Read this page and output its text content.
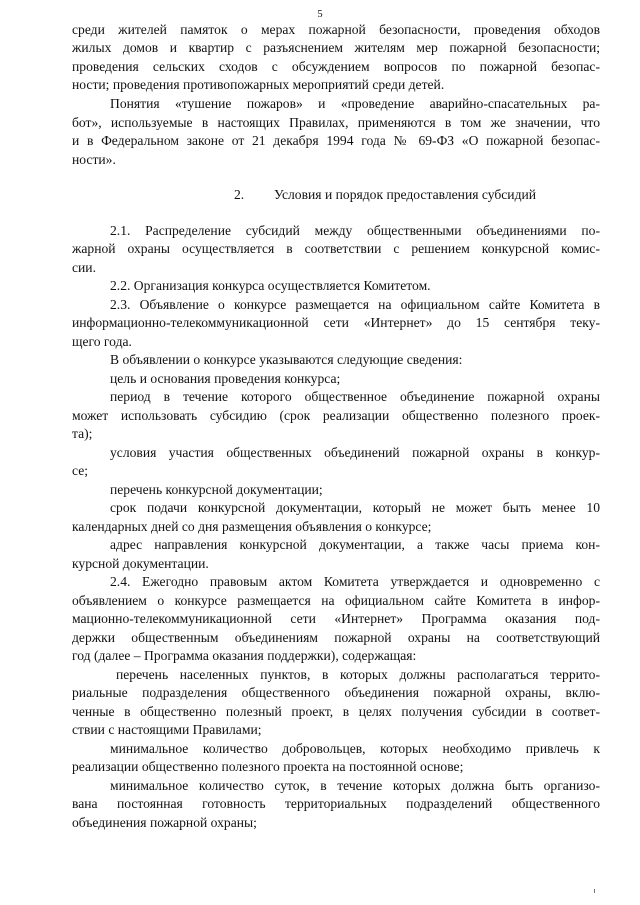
5
среди жителей памяток о мерах пожарной безопасности, проведения обходов
жилых домов и квартир с разъяснением жителям мер пожарной безопасности;
проведения сельских сходов с обсуждением вопросов по пожарной безопас-
ности; проведения противопожарных мероприятий среди детей.
Понятия «тушение пожаров» и «проведение аварийно-спасательных ра-
бот», используемые в настоящих Правилах, применяются в том же значении, что
и в Федеральном законе от 21 декабря 1994 года № 69-ФЗ «О пожарной безопас-
ности».
2. Условия и порядок предоставления субсидий
2.1. Распределение субсидий между общественными объединениями по-
жарной охраны осуществляется в соответствии с решением конкурсной комис-
сии.
2.2. Организация конкурса осуществляется Комитетом.
2.3. Объявление о конкурсе размещается на официальном сайте Комитета в
информационно-телекоммуникационной сети «Интернет» до 15 сентября теку-
щего года.
В объявлении о конкурсе указываются следующие сведения:
цель и основания проведения конкурса;
период в течение которого общественное объединение пожарной охраны
может использовать субсидию (срок реализации общественно полезного проек-
та);
условия участия общественных объединений пожарной охраны в конкур-
се;
перечень конкурсной документации;
срок подачи конкурсной документации, который не может быть менее 10
календарных дней со дня размещения объявления о конкурсе;
адрес направления конкурсной документации, а также часы приема кон-
курсной документации.
2.4. Ежегодно правовым актом Комитета утверждается и одновременно с
объявлением о конкурсе размещается на официальном сайте Комитета в инфор-
мационно-телекоммуникационной сети «Интернет» Программа оказания под-
держки общественным объединениям пожарной охраны на соответствующий
год (далее – Программа оказания поддержки), содержащая:
перечень населенных пунктов, в которых должны располагаться террито-
риальные подразделения общественного объединения пожарной охраны, вклю-
ченные в общественно полезный проект, в целях получения субсидии в соответ-
ствии с настоящими Правилами;
минимальное количество добровольцев, которых необходимо привлечь к
реализации общественно полезного проекта на постоянной основе;
минимальное количество суток, в течение которых должна быть организо-
вана постоянная готовность территориальных подразделений общественного
объединения пожарной охраны;
